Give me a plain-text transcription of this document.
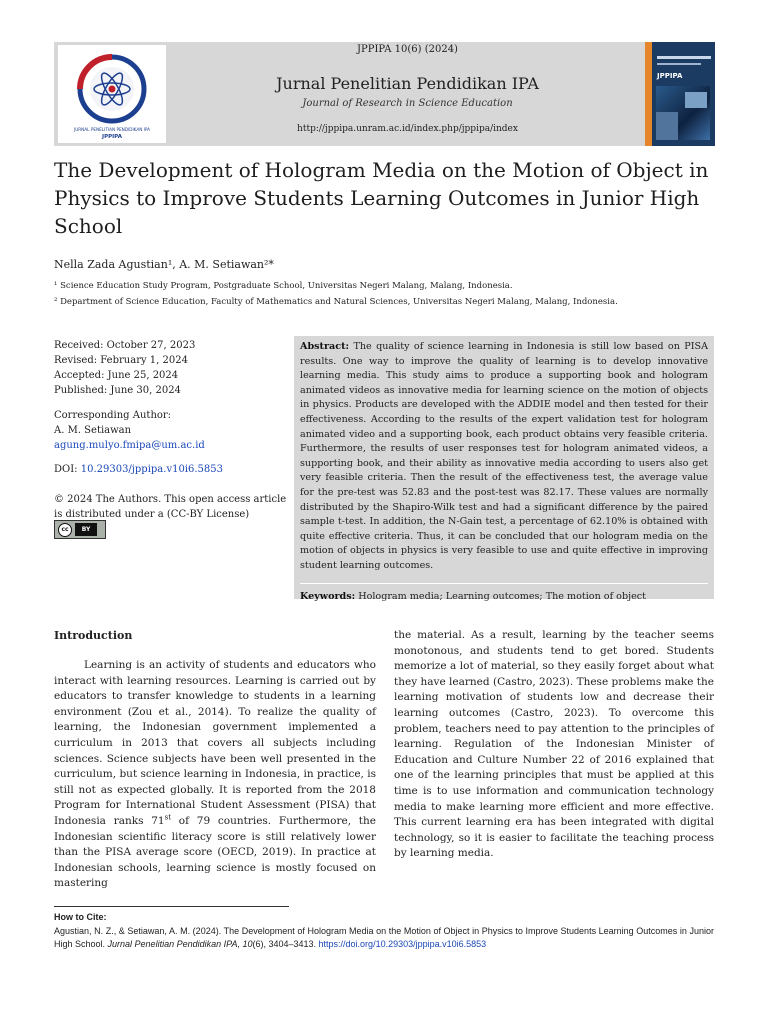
JURNAL PENELITIAN PENDIDIKAN IPA
JPPIPA
JPPIPA 10(6) (2024)
Jurnal Penelitian Pendidikan IPA
Journal of Research in Science Education
http://jppipa.unram.ac.id/index.php/jppipa/index
JPPIPA
The Development of Hologram Media on the Motion of Object in Physics to Improve Students Learning Outcomes in Junior High School
Nella Zada Agustian¹, A. M. Setiawan²*
¹ Science Education Study Program, Postgraduate School, Universitas Negeri Malang, Malang, Indonesia.
² Department of Science Education, Faculty of Mathematics and Natural Sciences, Universitas Negeri Malang, Malang, Indonesia.
Received: October 27, 2023
Revised: February 1, 2024
Accepted: June 25, 2024
Published: June 30, 2024
Corresponding Author:
A. M. Setiawan
agung.mulyo.fmipa@um.ac.id
DOI: 10.29303/jppipa.v10i6.5853
© 2024 The Authors. This open access article is distributed under a (CC-BY License)
cc	BY

Abstract: The quality of science learning in Indonesia is still low based on PISA results. One way to improve the quality of learning is to develop innovative learning media. This study aims to produce a supporting book and hologram animated videos as innovative media for learning science on the motion of objects in physics. Products are developed with the ADDIE model and then tested for their effectiveness. According to the results of the expert validation test for hologram animated video and a supporting book, each product obtains very feasible criteria. Furthermore, the results of user responses test for hologram animated videos, a supporting book, and their ability as innovative media according to users also get very feasible criteria. Then the result of the effectiveness test, the average value for the pre-test was 52.83 and the post-test was 82.17. These values are normally distributed by the Shapiro-Wilk test and had a significant difference by the paired sample t-test. In addition, the N-Gain test, a percentage of 62.10% is obtained with quite effective criteria. Thus, it can be concluded that our hologram media on the motion of objects in physics is very feasible to use and quite effective in improving student learning outcomes.

Keywords: Hologram media; Learning outcomes; The motion of object

Introduction

Learning is an activity of students and educators who interact with learning resources. Learning is carried out by educators to transfer knowledge to students in a learning environment (Zou et al., 2014). To realize the quality of learning, the Indonesian government implemented a curriculum in 2013 that covers all subjects including sciences. Science subjects have been well presented in the curriculum, but science learning in Indonesia, in practice, is still not as expected globally. It is reported from the 2018 Program for International Student Assessment (PISA) that Indonesia ranks 71st of 79 countries. Furthermore, the Indonesian scientific literacy score is still relatively lower than the PISA average score (OECD, 2019). In practice at Indonesian schools, learning science is mostly focused on mastering

the material. As a result, learning by the teacher seems monotonous, and students tend to get bored. Students memorize a lot of material, so they easily forget about what they have learned (Castro, 2023). These problems make the learning motivation of students low and decrease their learning outcomes (Castro, 2023). To overcome this problem, teachers need to pay attention to the principles of learning. Regulation of the Indonesian Minister of Education and Culture Number 22 of 2016 explained that one of the learning principles that must be applied at this time is to use information and communication technology media to make learning more efficient and more effective. This current learning era has been integrated with digital technology, so it is easier to facilitate the teaching process by learning media.

How to Cite:
Agustian, N. Z., & Setiawan, A. M. (2024). The Development of Hologram Media on the Motion of Object in Physics to Improve Students Learning Outcomes in Junior High School. Jurnal Penelitian Pendidikan IPA, 10(6), 3404–3413. https://doi.org/10.29303/jppipa.v10i6.5853
